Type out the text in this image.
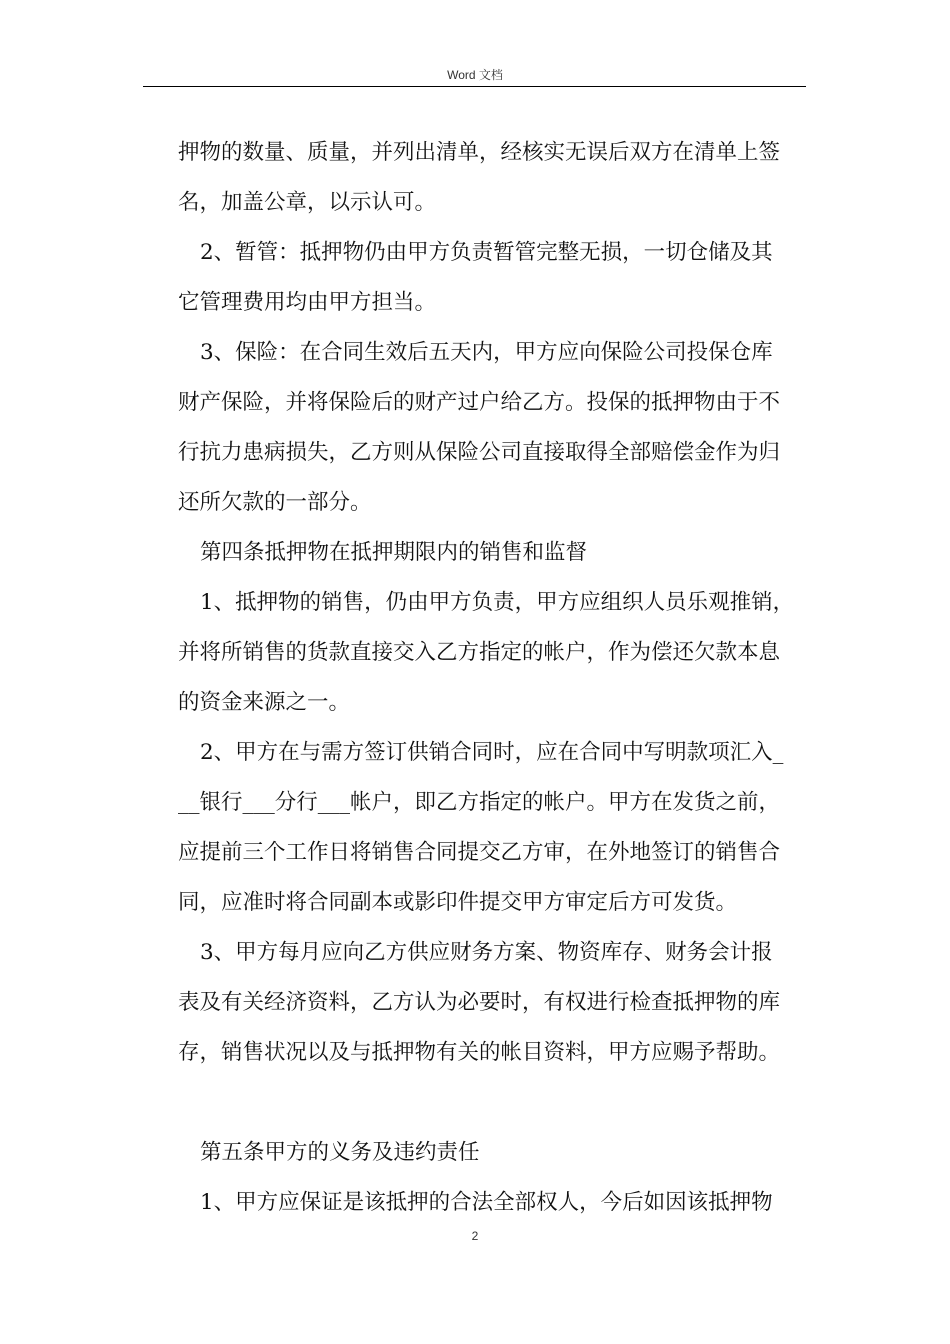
Word 文档

押物的数量、质量，并列出清单，经核实无误后双方在清单上签
名，加盖公章，以示认可。

2、暂管：抵押物仍由甲方负责暂管完整无损，一切仓储及其
它管理费用均由甲方担当。

3、保险：在合同生效后五天内，甲方应向保险公司投保仓库
财产保险，并将保险后的财产过户给乙方。投保的抵押物由于不
行抗力患病损失，乙方则从保险公司直接取得全部赔偿金作为归
还所欠款的一部分。

第四条抵押物在抵押期限内的销售和监督

1、抵押物的销售，仍由甲方负责，甲方应组织人员乐观推销，
并将所销售的货款直接交入乙方指定的帐户，作为偿还欠款本息
的资金来源之一。

2、甲方在与需方签订供销合同时，应在合同中写明款项汇入_
__银行___分行___帐户，即乙方指定的帐户。甲方在发货之前，
应提前三个工作日将销售合同提交乙方审，在外地签订的销售合
同，应准时将合同副本或影印件提交甲方审定后方可发货。

3、甲方每月应向乙方供应财务方案、物资库存、财务会计报
表及有关经济资料，乙方认为必要时，有权进行检查抵押物的库
存，销售状况以及与抵押物有关的帐目资料，甲方应赐予帮助。

第五条甲方的义务及违约责任

1、甲方应保证是该抵押的合法全部权人，今后如因该抵押物

2
